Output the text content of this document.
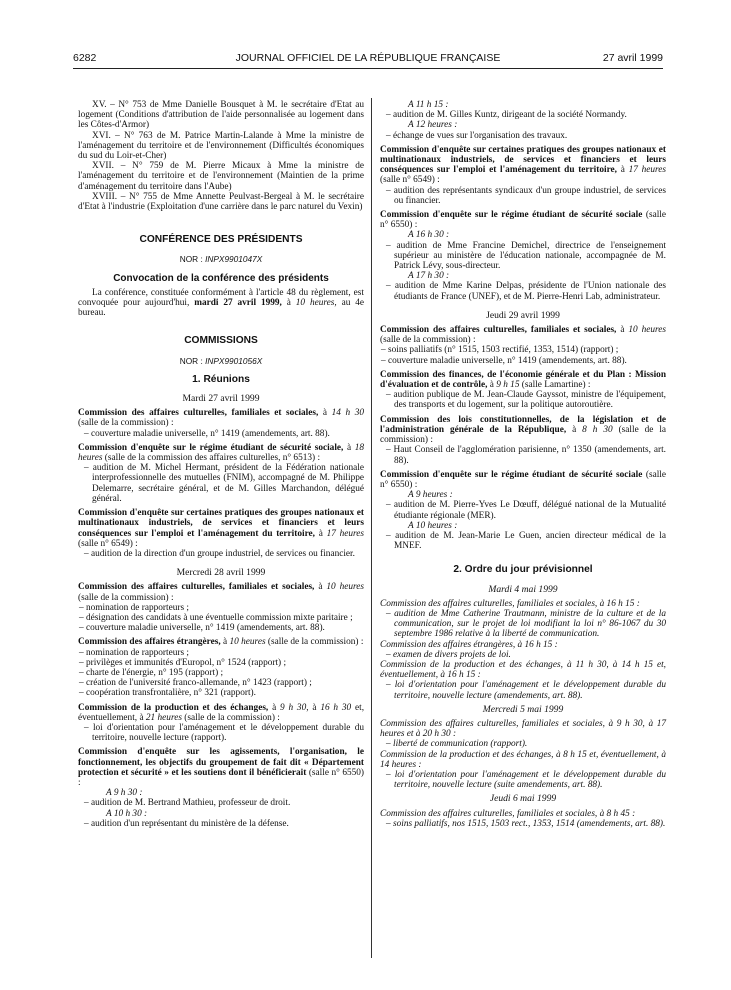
6282	JOURNAL OFFICIEL DE LA RÉPUBLIQUE FRANÇAISE	27 avril 1999
XV. – N° 753 de Mme Danielle Bousquet à M. le secrétaire d'Etat au logement (Conditions d'attribution de l'aide personnalisée au logement dans les Côtes-d'Armor)
XVI. – N° 763 de M. Patrice Martin-Lalande à Mme la ministre de l'aménagement du territoire et de l'environnement (Difficultés économiques du sud du Loir-et-Cher)
XVII. – N° 759 de M. Pierre Micaux à Mme la ministre de l'aménagement du territoire et de l'environnement (Maintien de la prime d'aménagement du territoire dans l'Aube)
XVIII. – N° 755 de Mme Annette Peulvast-Bergeal à M. le secrétaire d'Etat à l'industrie (Exploitation d'une carrière dans le parc naturel du Vexin)
CONFÉRENCE DES PRÉSIDENTS
NOR : INPX9901047X
Convocation de la conférence des présidents
La conférence, constituée conformément à l'article 48 du règlement, est convoquée pour aujourd'hui, mardi 27 avril 1999, à 10 heures, au 4e bureau.
COMMISSIONS
NOR : INPX9901056X
1. Réunions
Mardi 27 avril 1999
Commission des affaires culturelles, familiales et sociales, à 14 h 30 (salle de la commission) :
– couverture maladie universelle, n° 1419 (amendements, art. 88).
Commission d'enquête sur le régime étudiant de sécurité sociale, à 18 heures (salle de la commission des affaires culturelles, n° 6513) :
– audition de M. Michel Hermant, président de la Fédération nationale interprofessionnelle des mutuelles (FNIM), accompagné de M. Philippe Delemarre, secrétaire général, et de M. Gilles Marchandon, délégué général.
Commission d'enquête sur certaines pratiques des groupes nationaux et multinationaux industriels, de services et financiers et leurs conséquences sur l'emploi et l'aménagement du territoire, à 17 heures (salle n° 6549) :
– audition de la direction d'un groupe industriel, de services ou financier.
Mercredi 28 avril 1999
Commission des affaires culturelles, familiales et sociales, à 10 heures (salle de la commission) :
– nomination de rapporteurs ;
– désignation des candidats à une éventuelle commission mixte paritaire ;
– couverture maladie universelle, n° 1419 (amendements, art. 88).
Commission des affaires étrangères, à 10 heures (salle de la commission) :
– nomination de rapporteurs ;
– privilèges et immunités d'Europol, n° 1524 (rapport) ;
– charte de l'énergie, n° 195 (rapport) ;
– création de l'université franco-allemande, n° 1423 (rapport) ;
– coopération transfrontalière, n° 321 (rapport).
Commission de la production et des échanges, à 9 h 30, à 16 h 30 et, éventuellement, à 21 heures (salle de la commission) :
– loi d'orientation pour l'aménagement et le développement durable du territoire, nouvelle lecture (rapport).
Commission d'enquête sur les agissements, l'organisation, le fonctionnement, les objectifs du groupement de fait dit « Département protection et sécurité » et les soutiens dont il bénéficierait (salle n° 6550) :
A 9 h 30 :
– audition de M. Bertrand Mathieu, professeur de droit.
A 10 h 30 :
– audition d'un représentant du ministère de la défense.
A 11 h 15 :
– audition de M. Gilles Kuntz, dirigeant de la société Normandy.
A 12 heures :
– échange de vues sur l'organisation des travaux.
Commission d'enquête sur certaines pratiques des groupes nationaux et multinationaux industriels, de services et financiers et leurs conséquences sur l'emploi et l'aménagement du territoire, à 17 heures (salle n° 6549) :
– audition des représentants syndicaux d'un groupe industriel, de services ou financier.
Commission d'enquête sur le régime étudiant de sécurité sociale (salle n° 6550) :
A 16 h 30 :
– audition de Mme Francine Demichel, directrice de l'enseignement supérieur au ministère de l'éducation nationale, accompagnée de M. Patrick Lévy, sous-directeur.
A 17 h 30 :
– audition de Mme Karine Delpas, présidente de l'Union nationale des étudiants de France (UNEF), et de M. Pierre-Henri Lab, administrateur.
Jeudi 29 avril 1999
Commission des affaires culturelles, familiales et sociales, à 10 heures (salle de la commission) :
– soins palliatifs (n° 1515, 1503 rectifié, 1353, 1514) (rapport) ;
– couverture maladie universelle, n° 1419 (amendements, art. 88).
Commission des finances, de l'économie générale et du Plan : Mission d'évaluation et de contrôle, à 9 h 15 (salle Lamartine) :
– audition publique de M. Jean-Claude Gayssot, ministre de l'équipement, des transports et du logement, sur la politique autoroutière.
Commission des lois constitutionnelles, de la législation et de l'administration générale de la République, à 8 h 30 (salle de la commission) :
– Haut Conseil de l'agglomération parisienne, n° 1350 (amendements, art. 88).
Commission d'enquête sur le régime étudiant de sécurité sociale (salle n° 6550) :
A 9 heures :
– audition de M. Pierre-Yves Le Dœuff, délégué national de la Mutualité étudiante régionale (MER).
A 10 heures :
– audition de M. Jean-Marie Le Guen, ancien directeur médical de la MNEF.
2. Ordre du jour prévisionnel
Mardi 4 mai 1999
Commission des affaires culturelles, familiales et sociales, à 16 h 15 :
– audition de Mme Catherine Trautmann, ministre de la culture et de la communication, sur le projet de loi modifiant la loi n° 86-1067 du 30 septembre 1986 relative à la liberté de communication.
Commission des affaires étrangères, à 16 h 15 :
– examen de divers projets de loi.
Commission de la production et des échanges, à 11 h 30, à 14 h 15 et, éventuellement, à 16 h 15 :
– loi d'orientation pour l'aménagement et le développement durable du territoire, nouvelle lecture (amendements, art. 88).
Mercredi 5 mai 1999
Commission des affaires culturelles, familiales et sociales, à 9 h 30, à 17 heures et à 20 h 30 :
– liberté de communication (rapport).
Commission de la production et des échanges, à 8 h 15 et, éventuellement, à 14 heures :
– loi d'orientation pour l'aménagement et le développement durable du territoire, nouvelle lecture (suite amendements, art. 88).
Jeudi 6 mai 1999
Commission des affaires culturelles, familiales et sociales, à 8 h 45 :
– soins palliatifs, nos 1515, 1503 rect., 1353, 1514 (amendements, art. 88).
